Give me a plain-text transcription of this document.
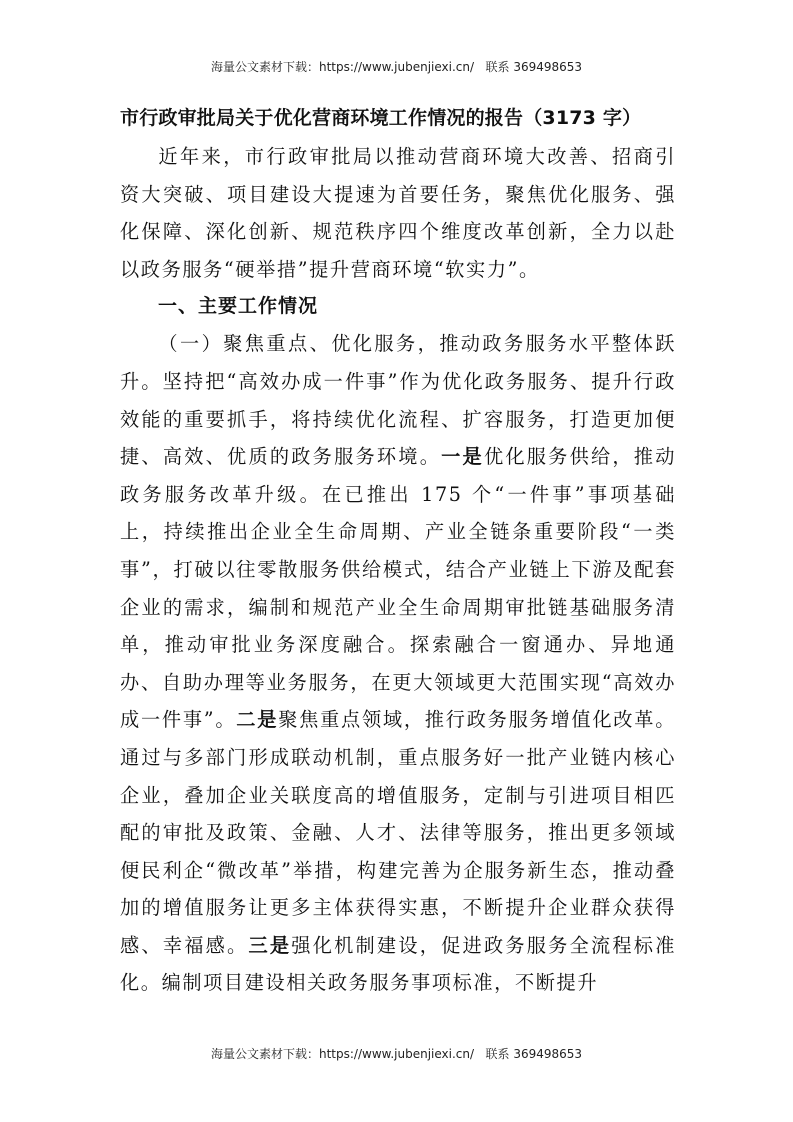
海量公文素材下载：https://www.jubenjiexi.cn/ 联系 369498653
市行政审批局关于优化营商环境工作情况的报告（3173 字）

近年来，市行政审批局以推动营商环境大改善、招商引资大突破、项目建设大提速为首要任务，聚焦优化服务、强化保障、深化创新、规范秩序四个维度改革创新，全力以赴以政务服务“硬举措”提升营商环境“软实力”。

一、主要工作情况

（一）聚焦重点、优化服务，推动政务服务水平整体跃升。坚持把“高效办成一件事”作为优化政务服务、提升行政效能的重要抓手，将持续优化流程、扩容服务，打造更加便捷、高效、优质的政务服务环境。一是优化服务供给，推动政务服务改革升级。在已推出 175 个“一件事”事项基础上，持续推出企业全生命周期、产业全链条重要阶段“一类事”，打破以往零散服务供给模式，结合产业链上下游及配套企业的需求，编制和规范产业全生命周期审批链基础服务清单，推动审批业务深度融合。探索融合一窗通办、异地通办、自助办理等业务服务，在更大领域更大范围实现“高效办成一件事”。二是聚焦重点领域，推行政务服务增值化改革。通过与多部门形成联动机制，重点服务好一批产业链内核心企业，叠加企业关联度高的增值服务，定制与引进项目相匹配的审批及政策、金融、人才、法律等服务，推出更多领域便民利企“微改革”举措，构建完善为企服务新生态，推动叠加的增值服务让更多主体获得实惠，不断提升企业群众获得感、幸福感。三是强化机制建设，促进政务服务全流程标准化。编制项目建设相关政务服务事项标准，不断提升

海量公文素材下载：https://www.jubenjiexi.cn/ 联系 369498653
